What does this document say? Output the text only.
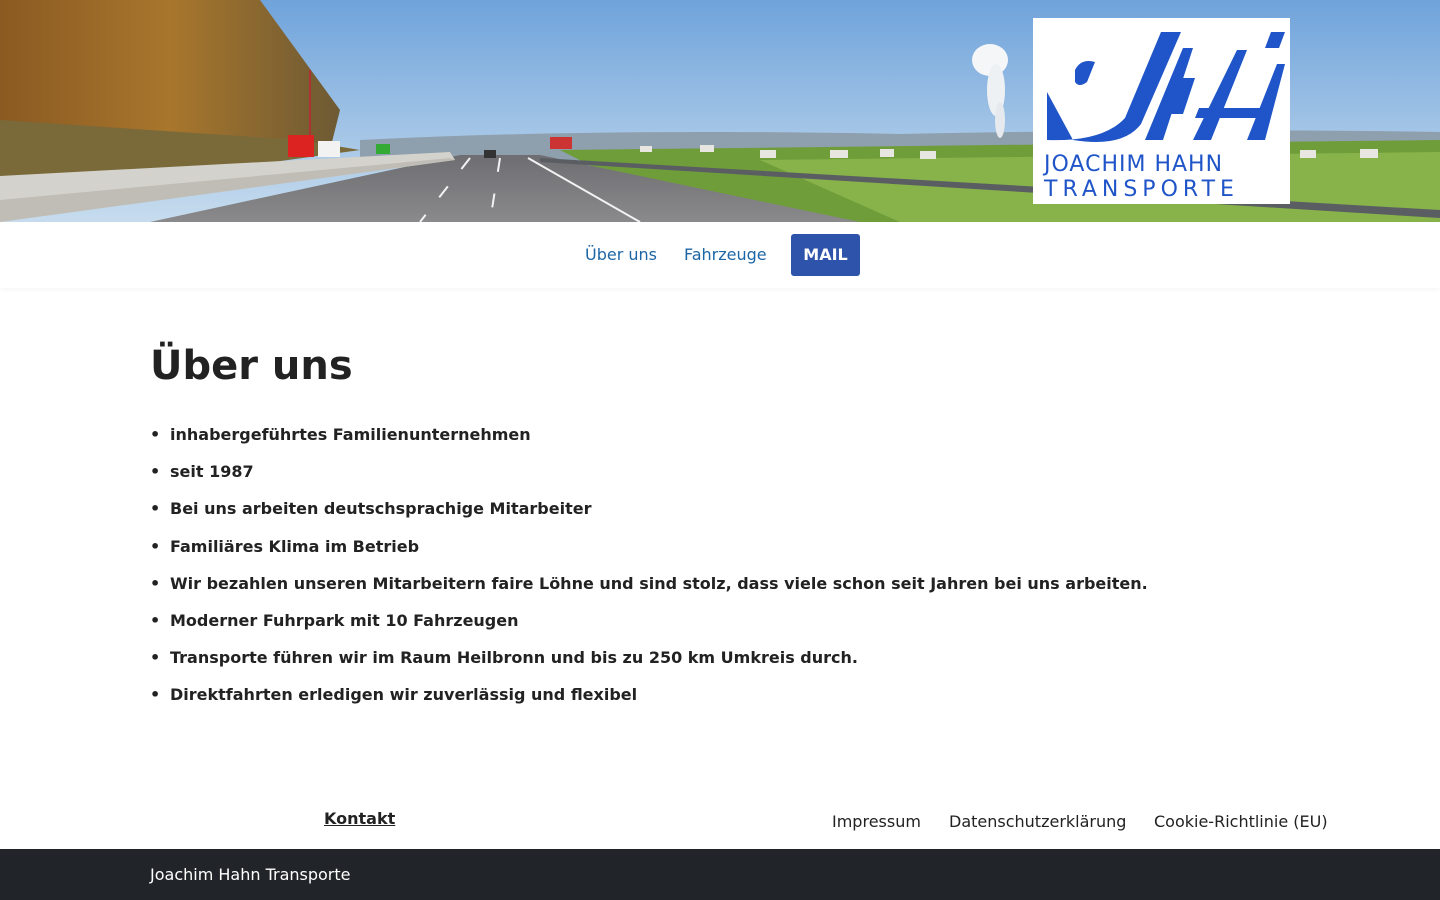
JOACHIM HAHN
TRANSPORTE
Über uns Fahrzeuge	MAIL
Über uns
• inhabergeführtes Familienunternehmen
• seit 1987
• Bei uns arbeiten deutschsprachige Mitarbeiter
• Familiäres Klima im Betrieb
• Wir bezahlen unseren Mitarbeitern faire Löhne und sind stolz, dass viele schon seit Jahren bei uns arbeiten.
• Moderner Fuhrpark mit 10 Fahrzeugen
• Transporte führen wir im Raum Heilbronn und bis zu 250 km Umkreis durch.
• Direktfahrten erledigen wir zuverlässig und flexibel
Kontakt	Impressum Datenschutzerklärung Cookie-Richtlinie (EU)
Joachim Hahn Transporte
